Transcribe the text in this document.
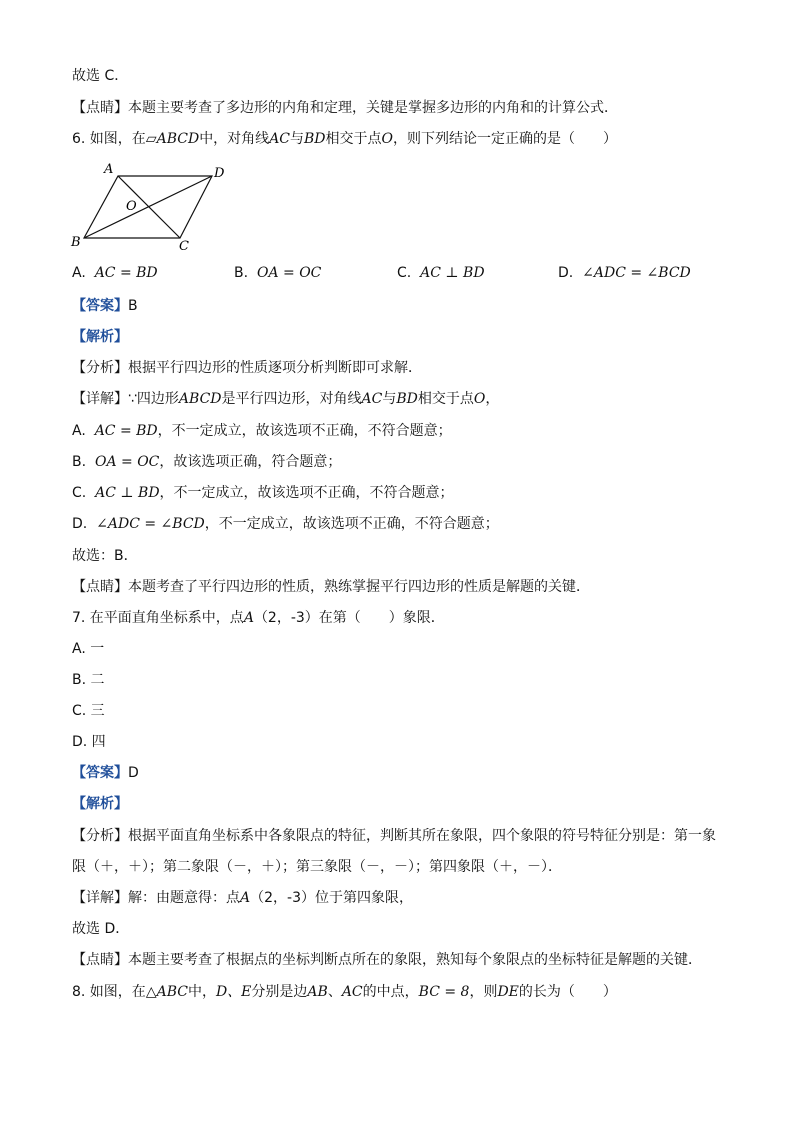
故选 C．
【点睛】本题主要考查了多边形的内角和定理，关键是掌握多边形的内角和的计算公式．
6. 如图，在▱ABCD中，对角线AC与BD相交于点O，则下列结论一定正确的是（　　）
A	D
O
B	C
A. AC = BD	B. OA = OC	C. AC ⊥ BD	D. ∠ADC = ∠BCD
【答案】B
【解析】
【分析】根据平行四边形的性质逐项分析判断即可求解．
【详解】∵四边形ABCD是平行四边形，对角线AC与BD相交于点O，
A. AC = BD，不一定成立，故该选项不正确，不符合题意；
B. OA = OC，故该选项正确，符合题意；
C. AC ⊥ BD，不一定成立，故该选项不正确，不符合题意；
D. ∠ADC = ∠BCD，不一定成立，故该选项不正确，不符合题意；
故选：B．
【点睛】本题考查了平行四边形的性质，熟练掌握平行四边形的性质是解题的关键．
7. 在平面直角坐标系中，点A（2，-3）在第（　　）象限．
A. 一
B. 二
C. 三
D. 四
【答案】D
【解析】
【分析】根据平面直角坐标系中各象限点的特征，判断其所在象限，四个象限的符号特征分别是：第一象
限（＋，＋）；第二象限（－，＋）；第三象限（－，－）；第四象限（＋，－）．
【详解】解：由题意得：点A（2，-3）位于第四象限，
故选 D．
【点睛】本题主要考查了根据点的坐标判断点所在的象限，熟知每个象限点的坐标特征是解题的关键．
8. 如图，在△ABC中，D、E分别是边AB、AC的中点，BC = 8，则DE的长为（　　）
